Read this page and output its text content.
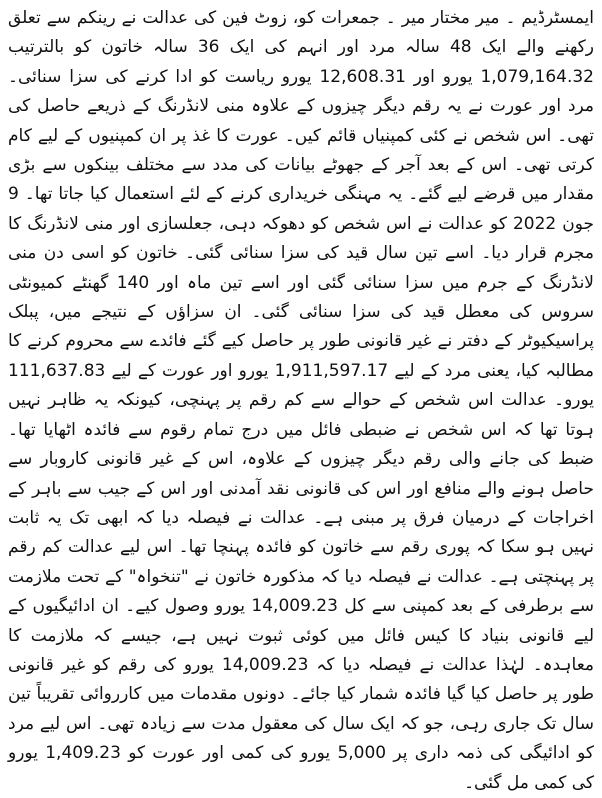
ایمسٹرڈیم ۔ میر مختار میر ۔ جمعرات کو، زوٹ فین کی عدالت نے رینکم سے تعلق رکھنے والے ایک 48 سالہ مرد اور انہم کی ایک 36 سالہ خاتون کو بالترتیب 1,079,164.32 یورو اور 12,608.31 یورو ریاست کو ادا کرنے کی سزا سنائی۔ مرد اور عورت نے یہ رقم دیگر چیزوں کے علاوہ منی لانڈرنگ کے ذریعے حاصل کی تھی۔ اس شخص نے کئی کمپنیاں قائم کیں۔ عورت کا غذ پر ان کمپنیوں کے لیے کام کرتی تھی۔ اس کے بعد آجر کے جھوٹے بیانات کی مدد سے مختلف بینکوں سے بڑی مقدار میں قرضے لیے گئے۔ یہ مہنگی خریداری کرنے کے لئے استعمال کیا جاتا تھا۔ 9 جون 2022 کو عدالت نے اس شخص کو دھوکہ دہی، جعلسازی اور منی لانڈرنگ کا مجرم قرار دیا۔ اسے تین سال قید کی سزا سنائی گئی۔ خاتون کو اسی دن منی لانڈرنگ کے جرم میں سزا سنائی گئی اور اسے تین ماہ اور 140 گھنٹے کمیونٹی سروس کی معطل قید کی سزا سنائی گئی۔ ان سزاؤں کے نتیجے میں، پبلک پراسیکیوٹر کے دفتر نے غیر قانونی طور پر حاصل کیے گئے فائدے سے محروم کرنے کا مطالبہ کیا، یعنی مرد کے لیے 1,911,597.17 یورو اور عورت کے لیے 111,637.83 یورو۔ عدالت اس شخص کے حوالے سے کم رقم پر پہنچی، کیونکہ یہ ظاہر نہیں ہوتا تھا کہ اس شخص نے ضبطی فائل میں درج تمام رقوم سے فائدہ اٹھایا تھا۔ ضبط کی جانے والی رقم دیگر چیزوں کے علاوہ، اس کے غیر قانونی کاروبار سے حاصل ہونے والے منافع اور اس کی قانونی نقد آمدنی اور اس کے جیب سے باہر کے اخراجات کے درمیان فرق پر مبنی ہے۔ عدالت نے فیصلہ دیا کہ ابھی تک یہ ثابت نہیں ہو سکا کہ پوری رقم سے خاتون کو فائدہ پہنچا تھا۔ اس لیے عدالت کم رقم پر پہنچتی ہے۔ عدالت نے فیصلہ دیا کہ مذکورہ خاتون نے "تنخواہ" کے تحت ملازمت سے برطرفی کے بعد کمپنی سے کل 14,009.23 یورو وصول کیے۔ ان ادائیگیوں کے لیے قانونی بنیاد کا کیس فائل میں کوئی ثبوت نہیں ہے، جیسے کہ ملازمت کا معاہدہ۔ لہٰذا عدالت نے فیصلہ دیا کہ 14,009.23 یورو کی رقم کو غیر قانونی طور پر حاصل کیا گیا فائدہ شمار کیا جائے۔ دونوں مقدمات میں کارروائی تقریباً تین سال تک جاری رہی، جو کہ ایک سال کی معقول مدت سے زیادہ تھی۔ اس لیے مرد کو ادائیگی کی ذمہ داری پر 5,000 یورو کی کمی اور عورت کو 1,409.23 یورو کی کمی مل گئی۔
